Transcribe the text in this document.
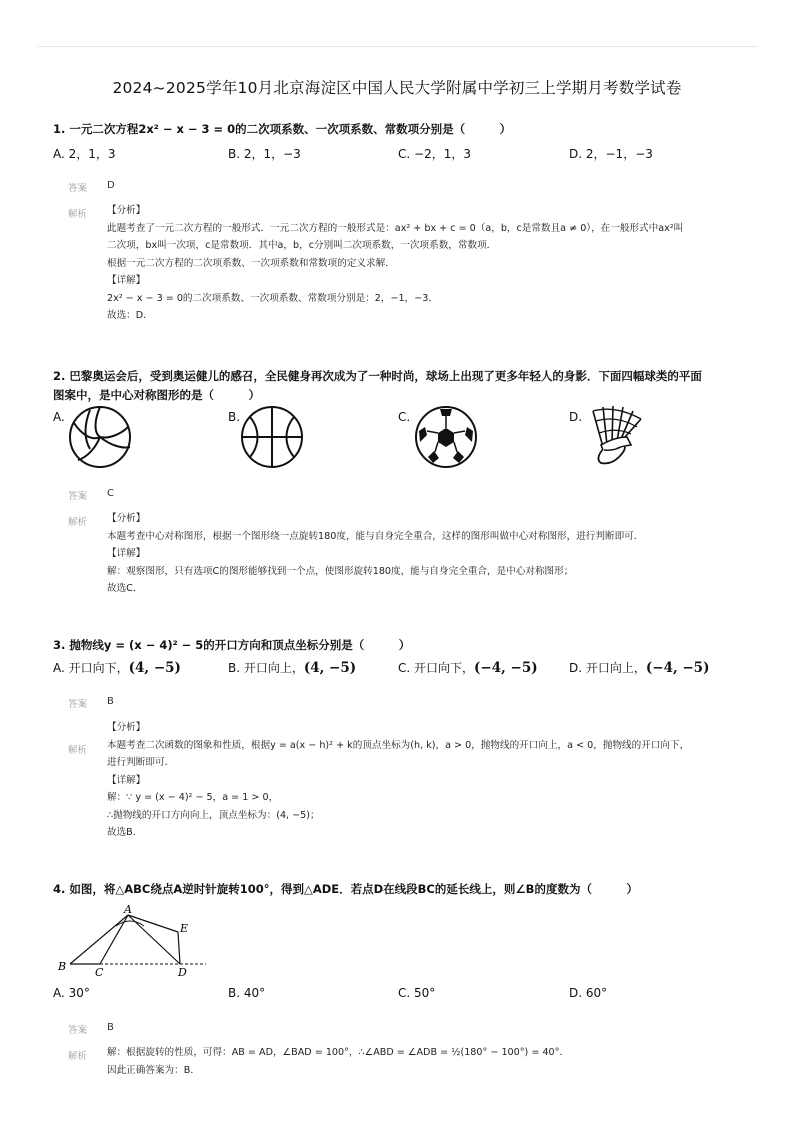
2024~2025学年10月北京海淀区中国人民大学附属中学初三上学期月考数学试卷
1. 一元二次方程2x² − x − 3 = 0的二次项系数、一次项系数、常数项分别是（　　　）
A. 2，1，3	B. 2，1，−3	C. −2，1，3	D. 2，−1，−3
答案 D
解析 【分析】
此题考查了一元二次方程的一般形式．一元二次方程的一般形式是：ax² + bx + c = 0（a，b，c是常数且a ≠ 0），在一般形式中ax²叫
二次项，bx叫一次项，c是常数项．其中a，b，c分别叫二次项系数，一次项系数，常数项．
根据一元二次方程的二次项系数、一次项系数和常数项的定义求解．
【详解】
2x² − x − 3 = 0的二次项系数、一次项系数、常数项分别是：2，−1，−3．
故选：D．
2. 巴黎奥运会后，受到奥运健儿的感召，全民健身再次成为了一种时尚，球场上出现了更多年轻人的身影．下面四幅球类的平面
图案中，是中心对称图形的是（　　　）
A.	B.	C.	D.
答案 C
解析 【分析】
本题考查中心对称图形，根据一个图形绕一点旋转180度，能与自身完全重合，这样的图形叫做中心对称图形，进行判断即可．
【详解】
解：观察图形，只有选项C的图形能够找到一个点，使图形旋转180度，能与自身完全重合，是中心对称图形；
故选C．
3. 抛物线y = (x − 4)² − 5的开口方向和顶点坐标分别是（　　　）
A. 开口向下，(4, −5)	B. 开口向上，(4, −5)	C. 开口向下，(−4, −5)	D. 开口向上，(−4, −5)
答案 B
解析
【分析】
本题考查二次函数的图象和性质，根据y = a(x − h)² + k的顶点坐标为(h, k)，a > 0，抛物线的开口向上，a < 0，抛物线的开口向下，
进行判断即可．
【详解】
解：∵ y = (x − 4)² − 5，a = 1 > 0，
∴抛物线的开口方向向上，顶点坐标为：(4, −5)；
故选B．
4. 如图，将△ABC绕点A逆时针旋转100°，得到△ADE．若点D在线段BC的延长线上，则∠B的度数为（　　　）
A
B	C	D
E
A. 30°	B. 40°	C. 50°	D. 60°
答案 B
解析 解：根据旋转的性质，可得：AB = AD，∠BAD = 100°，∴∠ABD = ∠ADB = ½(180° − 100°) = 40°．
因此正确答案为：B．
